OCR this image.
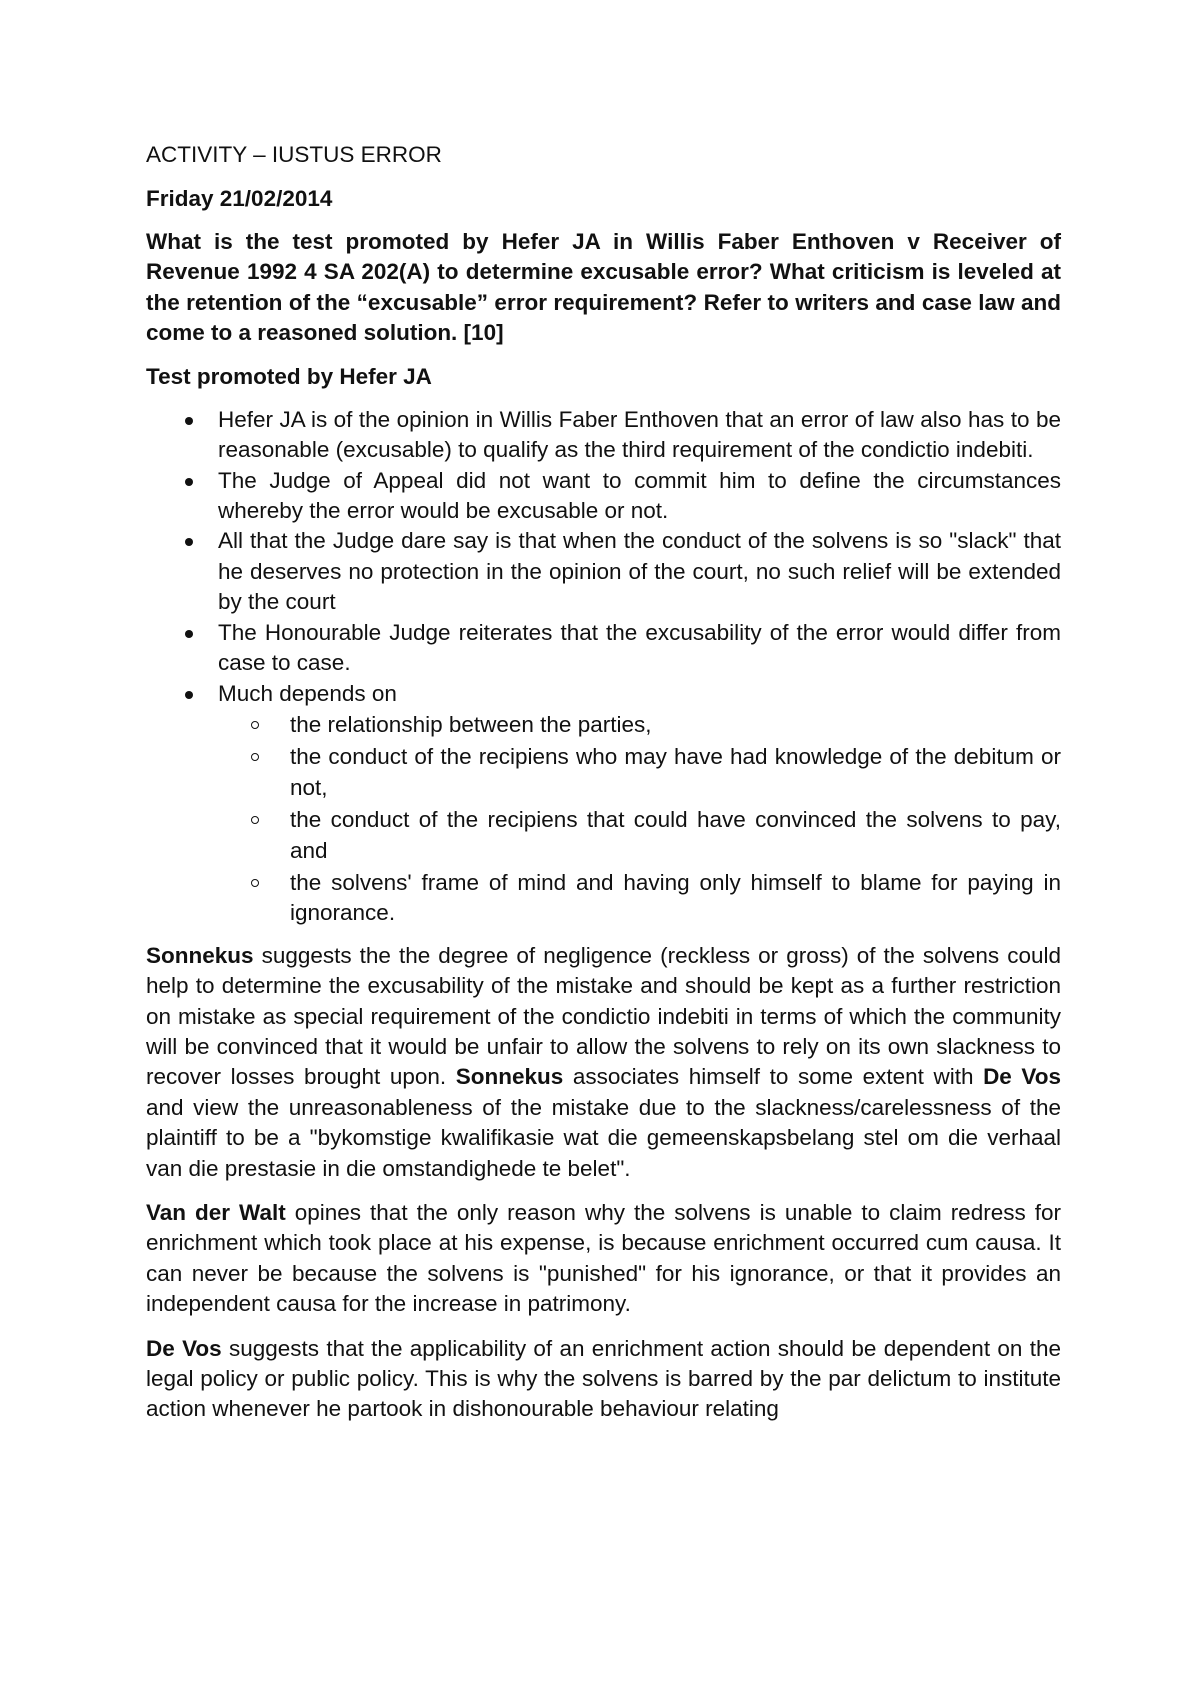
ACTIVITY – IUSTUS ERROR

Friday 21/02/2014

What is the test promoted by Hefer JA in Willis Faber Enthoven v Receiver of Revenue 1992 4 SA 202(A) to determine excusable error? What criticism is leveled at the retention of the “excusable” error requirement? Refer to writers and case law and come to a reasoned solution. [10]

Test promoted by Hefer JA

Hefer JA is of the opinion in Willis Faber Enthoven that an error of law also has to be reasonable (excusable) to qualify as the third requirement of the condictio indebiti.
The Judge of Appeal did not want to commit him to define the circumstances whereby the error would be excusable or not.
All that the Judge dare say is that when the conduct of the solvens is so "slack" that he deserves no protection in the opinion of the court, no such relief will be extended by the court
The Honourable Judge reiterates that the excusability of the error would differ from case to case.
Much depends on
the relationship between the parties,
the conduct of the recipiens who may have had knowledge of the debitum or not,
the conduct of the recipiens that could have convinced the solvens to pay, and
the solvens' frame of mind and having only himself to blame for paying in ignorance.

Sonnekus suggests the the degree of negligence (reckless or gross) of the solvens could help to determine the excusability of the mistake and should be kept as a further restriction on mistake as special requirement of the condictio indebiti in terms of which the community will be convinced that it would be unfair to allow the solvens to rely on its own slackness to recover losses brought upon. Sonnekus associates himself to some extent with De Vos and view the unreasonableness of the mistake due to the slackness/carelessness of the plaintiff to be a "bykomstige kwalifikasie wat die gemeenskapsbelang stel om die verhaal van die prestasie in die omstandighede te belet".

Van der Walt opines that the only reason why the solvens is unable to claim redress for enrichment which took place at his expense, is because enrichment occurred cum causa. It can never be because the solvens is "punished" for his ignorance, or that it provides an independent causa for the increase in patrimony.

De Vos suggests that the applicability of an enrichment action should be dependent on the legal policy or public policy. This is why the solvens is barred by the par delictum to institute action whenever he partook in dishonourable behaviour relating
